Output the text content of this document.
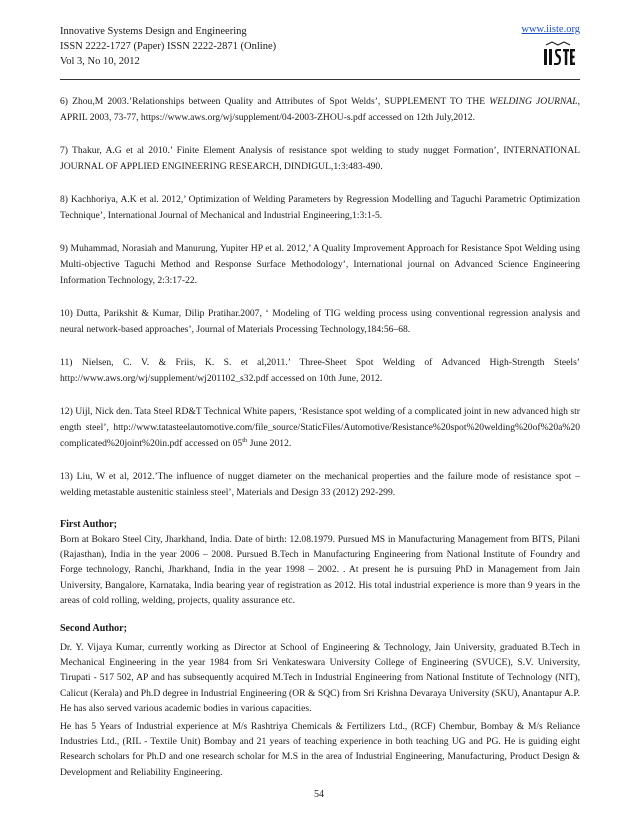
Innovative Systems Design and Engineering
ISSN 2222-1727 (Paper) ISSN 2222-2871 (Online)
Vol 3, No 10, 2012
www.iiste.org

6) Zhou,M 2003.’Relationships between Quality and Attributes of Spot Welds’, SUPPLEMENT TO THE WELDING JOURNAL, APRIL 2003, 73-77, https://www.aws.org/wj/supplement/04-2003-ZHOU-s.pdf accessed on 12th July,2012.

7) Thakur, A.G et al 2010.’ Finite Element Analysis of resistance spot welding to study nugget Formation’, INTERNATIONAL JOURNAL OF APPLIED ENGINEERING RESEARCH, DINDIGUL,1:3:483-490.

8) Kachhoriya, A.K et al. 2012,’ Optimization of Welding Parameters by Regression Modelling and Taguchi Parametric Optimization Technique’, International Journal of Mechanical and Industrial Engineering,1:3:1-5.

9) Muhammad, Norasiah and Manurung, Yupiter HP et al. 2012,’ A Quality Improvement Approach for Resistance Spot Welding using Multi-objective Taguchi Method and Response Surface Methodology’, International journal on Advanced Science Engineering Information Technology, 2:3:17-22.

10) Dutta, Parikshit & Kumar, Dilip Pratihar.2007, ‘ Modeling of TIG welding process using conventional regression analysis and neural network-based approaches’, Journal of Materials Processing Technology,184:56–68.

11) Nielsen, C. V. & Friis, K. S. et al,2011.’ Three-Sheet Spot Welding of Advanced High-Strength Steels’ http://www.aws.org/wj/supplement/wj201102_s32.pdf accessed on 10th June, 2012.

12) Uijl, Nick den. Tata Steel RD&T Technical White papers, ‘Resistance spot welding of a complicated joint in new advanced high strength steel’, http://www.tatasteelautomotive.com/file_source/StaticFiles/Automotive/Resistance%20spot%20welding%20of%20a%20complicated%20joint%20in.pdf accessed on 05th June 2012.

13) Liu, W et al, 2012.’The influence of nugget diameter on the mechanical properties and the failure mode of resistance spot – welding metastable austenitic stainless steel’, Materials and Design 33 (2012) 292-299.

First Author;

Born at Bokaro Steel City, Jharkhand, India. Date of birth: 12.08.1979. Pursued MS in Manufacturing Management from BITS, Pilani (Rajasthan), India in the year 2006 – 2008. Pursued B.Tech in Manufacturing Engineering from National Institute of Foundry and Forge technology, Ranchi, Jharkhand, India in the year 1998 – 2002. . At present he is pursuing PhD in Management from Jain University, Bangalore, Karnataka, India bearing year of registration as 2012. His total industrial experience is more than 9 years in the areas of cold rolling, welding, projects, quality assurance etc.

Second Author;

Dr. Y. Vijaya Kumar, currently working as Director at School of Engineering & Technology, Jain University, graduated B.Tech in Mechanical Engineering in the year 1984 from Sri Venkateswara University College of Engineering (SVUCE), S.V. University, Tirupati - 517 502, AP and has subsequently acquired M.Tech in Industrial Engineering from National Institute of Technology (NIT), Calicut (Kerala) and Ph.D degree in Industrial Engineering (OR & SQC) from Sri Krishna Devaraya University (SKU), Anantapur A.P. He has also served various academic bodies in various capacities.

He has 5 Years of Industrial experience at M/s Rashtriya Chemicals & Fertilizers Ltd., (RCF) Chembur, Bombay & M/s Reliance Industries Ltd., (RIL - Textile Unit) Bombay and 21 years of teaching experience in both teaching UG and PG. He is guiding eight Research scholars for Ph.D and one research scholar for M.S in the area of Industrial Engineering, Manufacturing, Product Design & Development and Reliability Engineering.

54
